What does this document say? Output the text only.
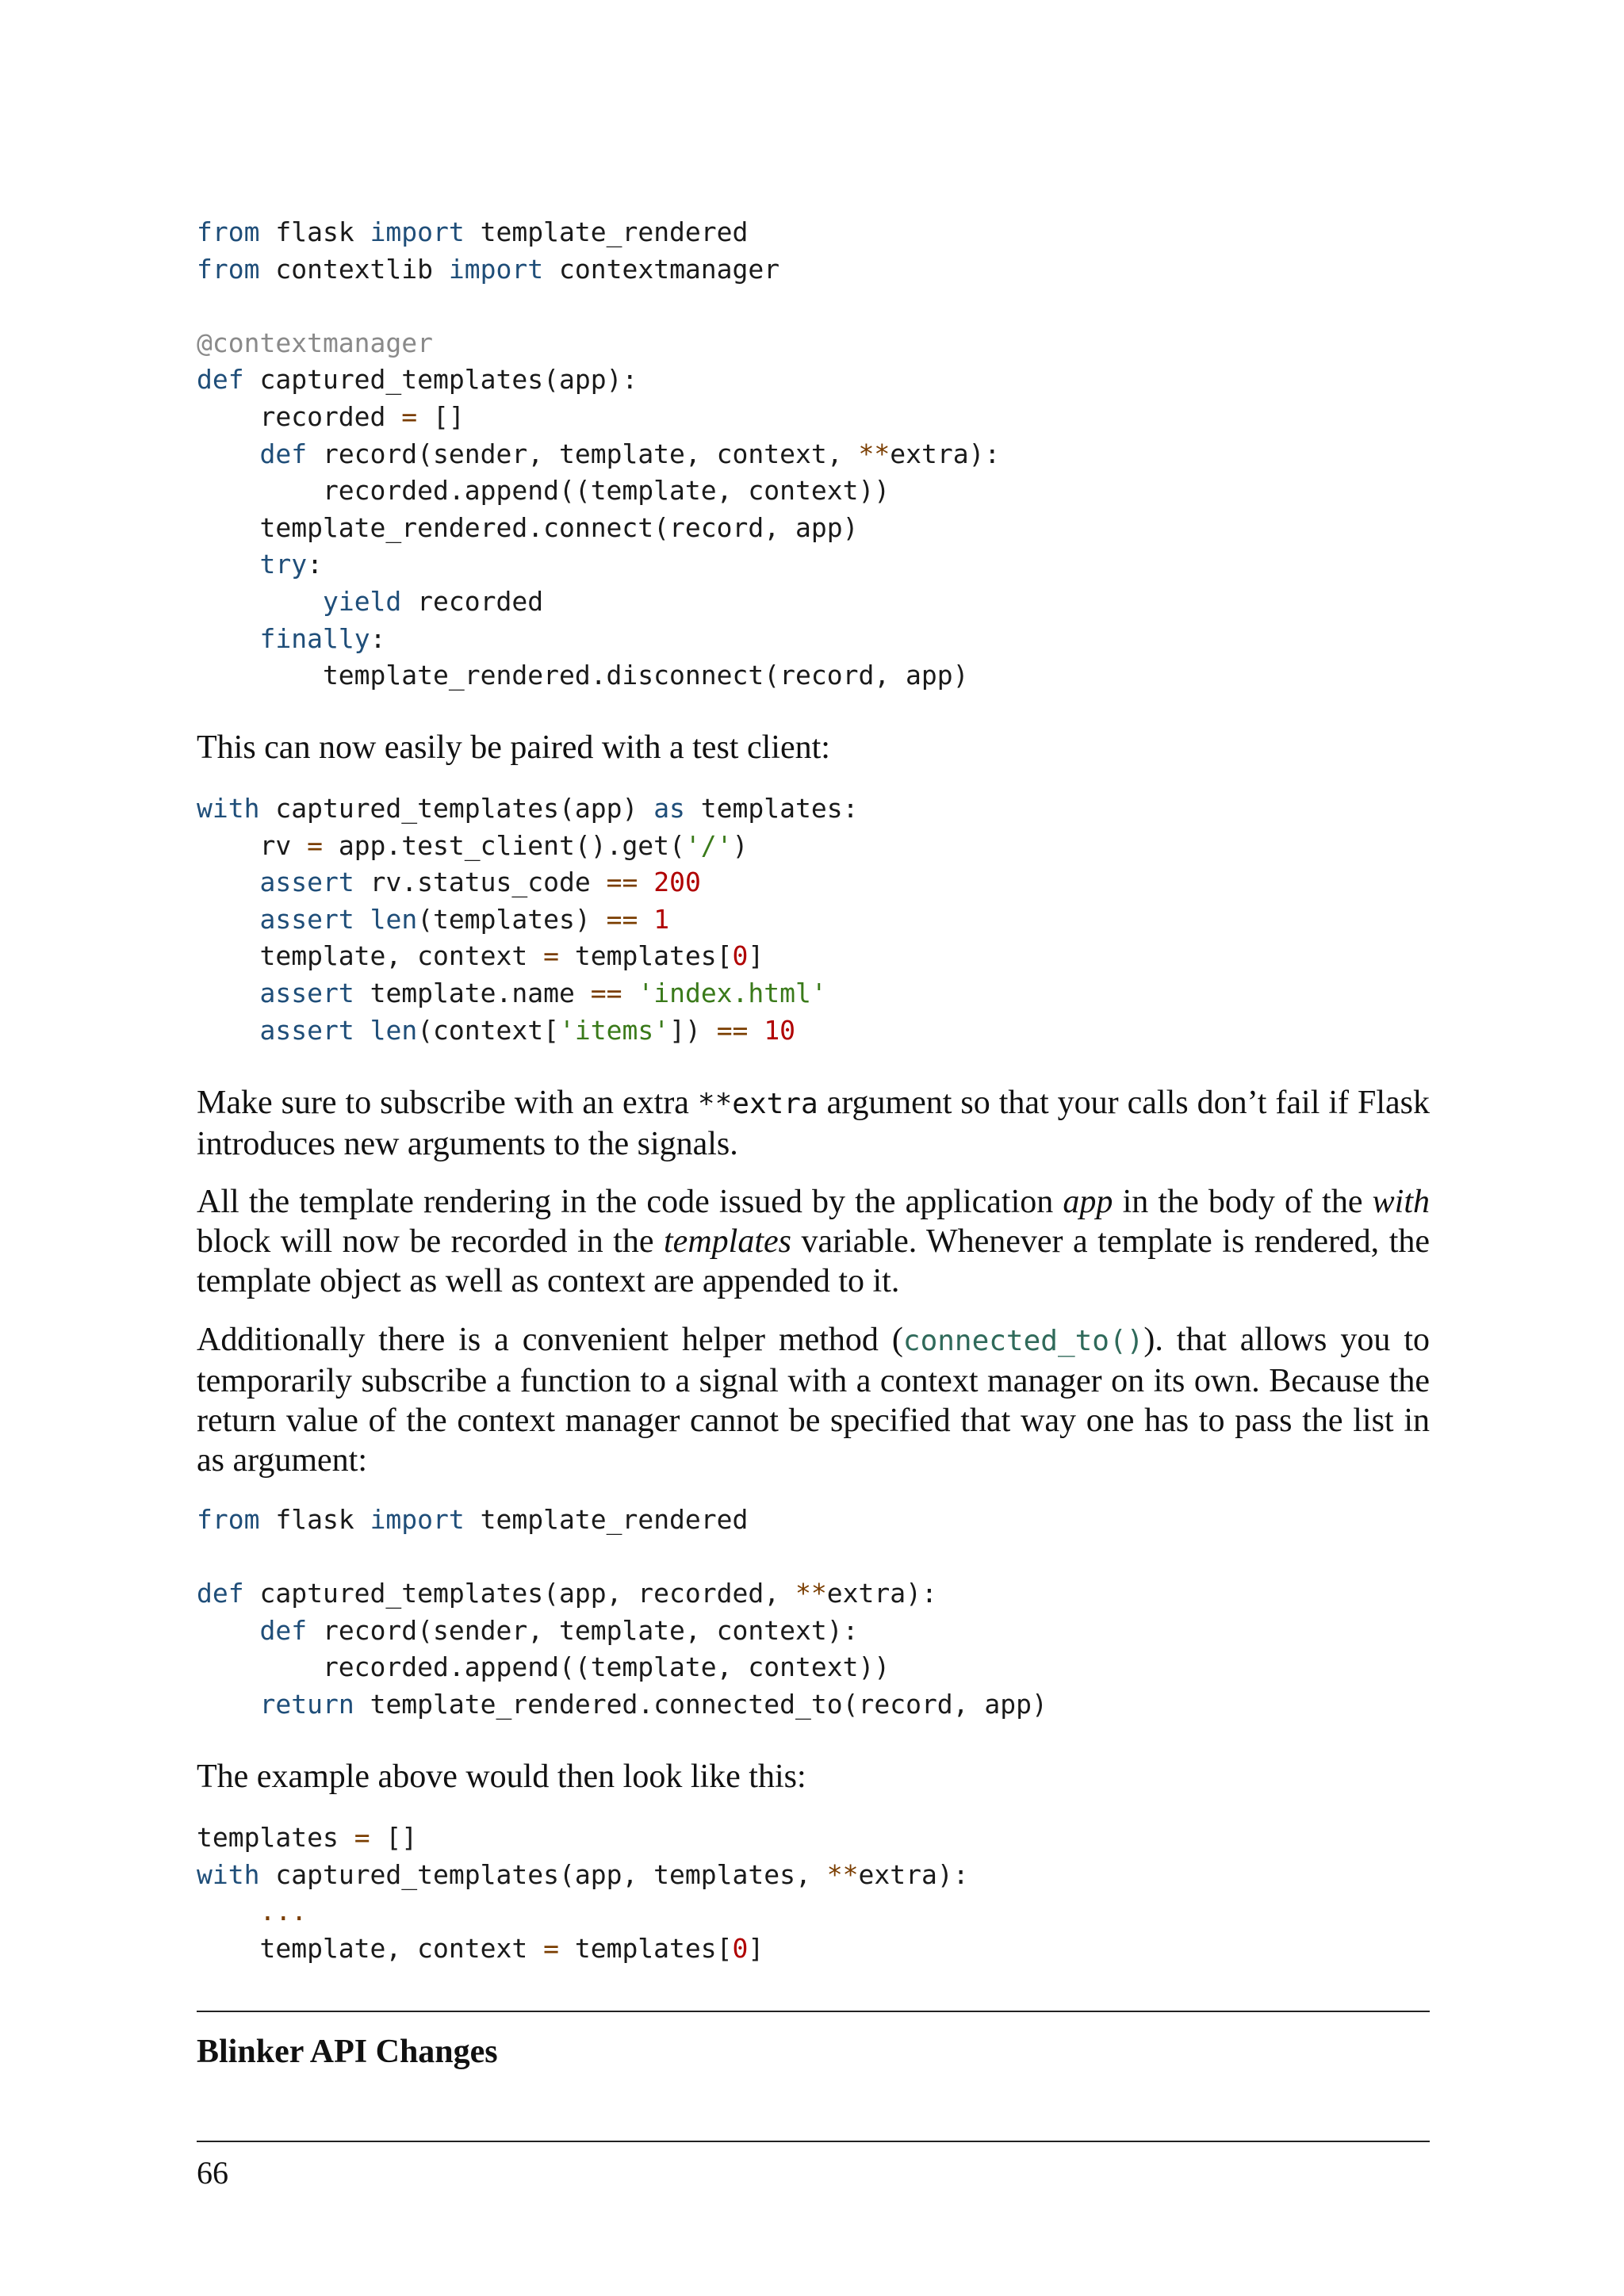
from flask import template_rendered
from contextlib import contextmanager

@contextmanager
def captured_templates(app):
recorded = []
def record(sender, template, context, **extra):
recorded.append((template, context))
template_rendered.connect(record, app)
try:
yield recorded
finally:
template_rendered.disconnect(record, app)

This can now easily be paired with a test client:

with captured_templates(app) as templates:
rv = app.test_client().get('/')
assert rv.status_code == 200
assert len(templates) == 1
template, context = templates[0]
assert template.name == 'index.html'
assert len(context['items']) == 10

Make sure to subscribe with an extra **extra argument so that your calls don’t fail if Flask introduces new arguments to the signals.

All the template rendering in the code issued by the application app in the body of the with block will now be recorded in the templates variable. Whenever a template is rendered, the template object as well as context are appended to it.

Additionally there is a convenient helper method (connected_to()). that allows you to temporarily subscribe a function to a signal with a context manager on its own. Because the return value of the context manager cannot be specified that way one has to pass the list in as argument:

from flask import template_rendered

def captured_templates(app, recorded, **extra):
def record(sender, template, context):
recorded.append((template, context))
return template_rendered.connected_to(record, app)

The example above would then look like this:

templates = []
with captured_templates(app, templates, **extra):
...
template, context = templates[0]
Blinker API Changes
66
